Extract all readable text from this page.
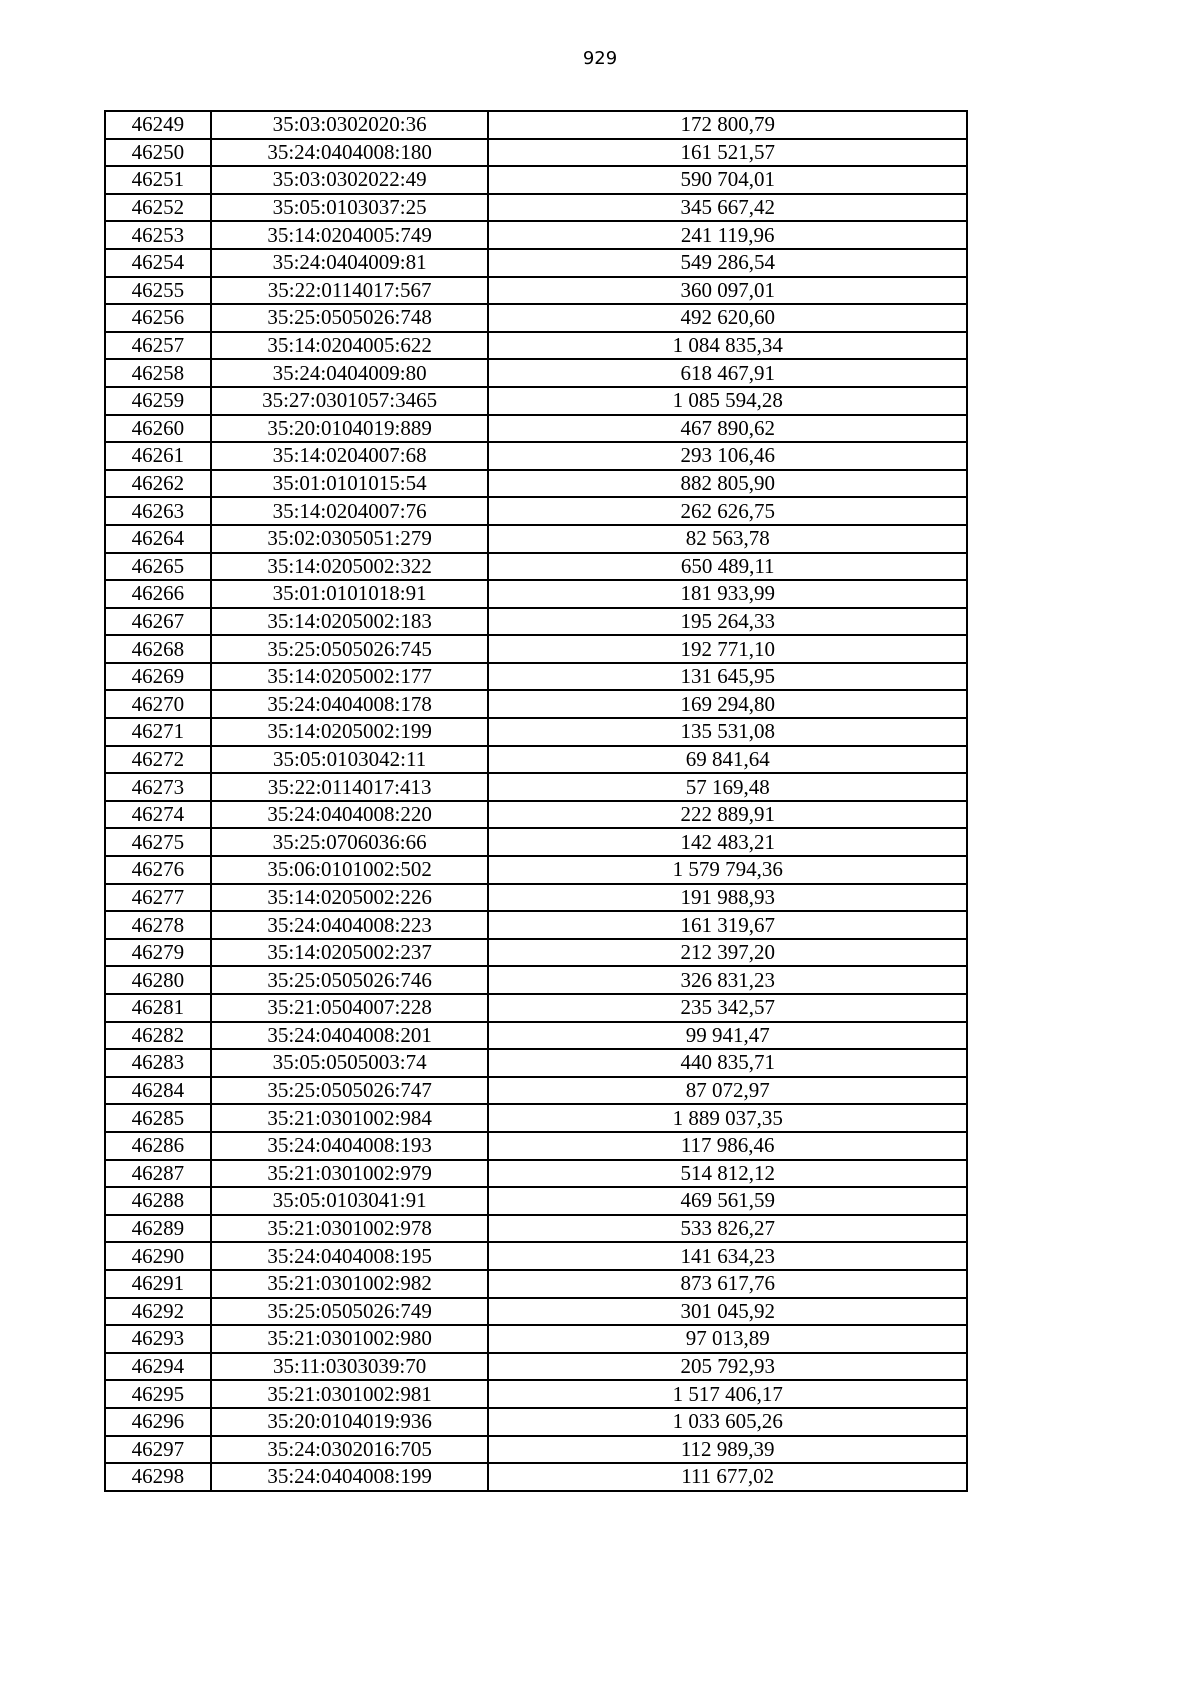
929
46249	35:03:0302020:36	172 800,79
46250	35:24:0404008:180	161 521,57
46251	35:03:0302022:49	590 704,01
46252	35:05:0103037:25	345 667,42
46253	35:14:0204005:749	241 119,96
46254	35:24:0404009:81	549 286,54
46255	35:22:0114017:567	360 097,01
46256	35:25:0505026:748	492 620,60
46257	35:14:0204005:622	1 084 835,34
46258	35:24:0404009:80	618 467,91
46259	35:27:0301057:3465	1 085 594,28
46260	35:20:0104019:889	467 890,62
46261	35:14:0204007:68	293 106,46
46262	35:01:0101015:54	882 805,90
46263	35:14:0204007:76	262 626,75
46264	35:02:0305051:279	82 563,78
46265	35:14:0205002:322	650 489,11
46266	35:01:0101018:91	181 933,99
46267	35:14:0205002:183	195 264,33
46268	35:25:0505026:745	192 771,10
46269	35:14:0205002:177	131 645,95
46270	35:24:0404008:178	169 294,80
46271	35:14:0205002:199	135 531,08
46272	35:05:0103042:11	69 841,64
46273	35:22:0114017:413	57 169,48
46274	35:24:0404008:220	222 889,91
46275	35:25:0706036:66	142 483,21
46276	35:06:0101002:502	1 579 794,36
46277	35:14:0205002:226	191 988,93
46278	35:24:0404008:223	161 319,67
46279	35:14:0205002:237	212 397,20
46280	35:25:0505026:746	326 831,23
46281	35:21:0504007:228	235 342,57
46282	35:24:0404008:201	99 941,47
46283	35:05:0505003:74	440 835,71
46284	35:25:0505026:747	87 072,97
46285	35:21:0301002:984	1 889 037,35
46286	35:24:0404008:193	117 986,46
46287	35:21:0301002:979	514 812,12
46288	35:05:0103041:91	469 561,59
46289	35:21:0301002:978	533 826,27
46290	35:24:0404008:195	141 634,23
46291	35:21:0301002:982	873 617,76
46292	35:25:0505026:749	301 045,92
46293	35:21:0301002:980	97 013,89
46294	35:11:0303039:70	205 792,93
46295	35:21:0301002:981	1 517 406,17
46296	35:20:0104019:936	1 033 605,26
46297	35:24:0302016:705	112 989,39
46298	35:24:0404008:199	111 677,02
